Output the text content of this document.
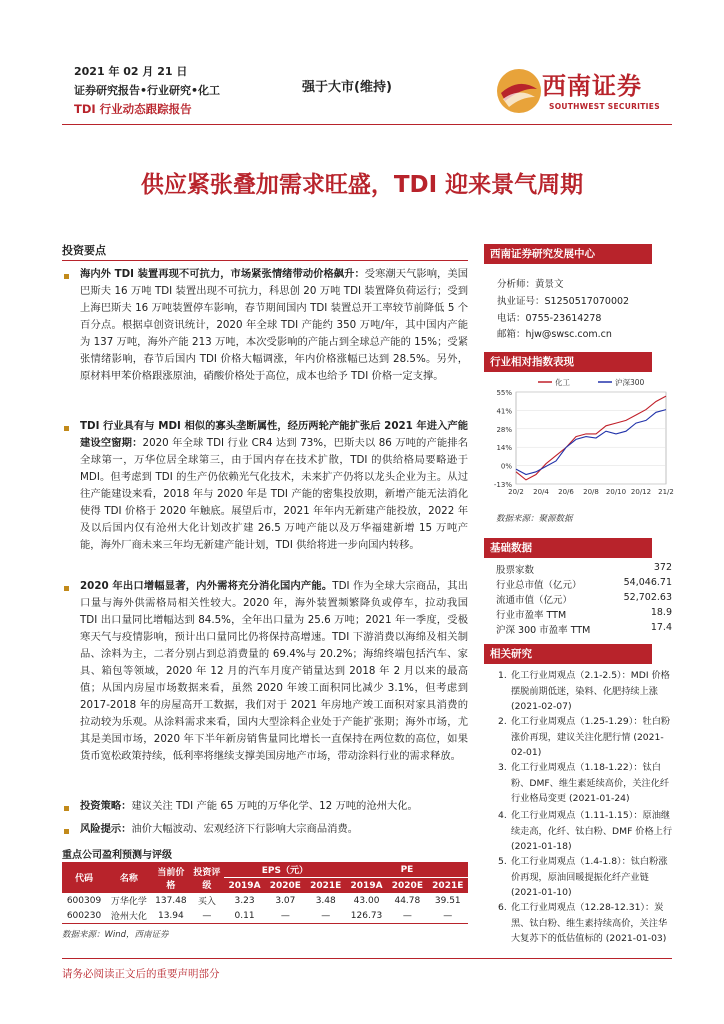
2021 年 02 月 21 日
证券研究报告•行业研究•化工
TDI 行业动态跟踪报告
强于大市(维持)	西南证券
SOUTHWEST SECURITIES
供应紧张叠加需求旺盛，TDI 迎来景气周期
投资要点
海内外 TDI 装置再现不可抗力，市场紧张情绪带动价格飙升：受寒潮天气影响，美国巴斯夫 16 万吨 TDI 装置出现不可抗力，科思创 20 万吨 TDI 装置降负荷运行；受到上海巴斯夫 16 万吨装置停车影响，春节期间国内 TDI 装置总开工率较节前降低 5 个百分点。根据卓创资讯统计，2020 年全球 TDI 产能约 350 万吨/年，其中国内产能为 137 万吨，海外产能 213 万吨，本次受影响的产能占到全球总产能的 15%；受紧张情绪影响，春节后国内 TDI 价格大幅调涨，年内价格涨幅已达到 28.5%。另外，原材料甲苯价格跟涨原油，硝酸价格处于高位，成本也给予 TDI 价格一定支撑。
TDI 行业具有与 MDI 相似的寡头垄断属性，经历两轮产能扩张后 2021 年进入产能建设空窗期：2020 年全球 TDI 行业 CR4 达到 73%，巴斯夫以 86 万吨的产能排名全球第一，万华位居全球第三，由于国内存在技术扩散，TDI 的供给格局要略逊于 MDI。但考虑到 TDI 的生产仍依赖光气化技术，未来扩产仍将以龙头企业为主。从过往产能建设来看，2018 年与 2020 年是 TDI 产能的密集投放期，新增产能无法消化使得 TDI 价格于 2020 年触底。展望后市，2021 年年内无新建产能投放，2022 年及以后国内仅有沧州大化计划改扩建 26.5 万吨产能以及万华福建新增 15 万吨产能，海外厂商未来三年均无新建产能计划，TDI 供给将进一步向国内转移。
2020 年出口增幅显著，内外需将充分消化国内产能。TDI 作为全球大宗商品，其出口量与海外供需格局相关性较大。2020 年，海外装置频繁降负或停车，拉动我国 TDI 出口量同比增幅达到 84.5%，全年出口量为 25.6 万吨；2021 年一季度，受极寒天气与疫情影响，预计出口量同比仍将保持高增速。TDI 下游消费以海绵及相关制品、涂料为主，二者分别占到总消费量的 69.4%与 20.2%；海绵终端包括汽车、家具、箱包等领域，2020 年 12 月的汽车月度产销量达到 2018 年 2 月以来的最高值；从国内房屋市场数据来看，虽然 2020 年竣工面积同比减少 3.1%，但考虑到 2017-2018 年的房屋高开工数据，我们对于 2021 年房地产竣工面积对家具消费的拉动较为乐观。从涂料需求来看，国内大型涂料企业处于产能扩张期；海外市场，尤其是美国市场，2020 年下半年新房销售量同比增长一直保持在两位数的高位，如果货币宽松政策持续，低利率将继续支撑美国房地产市场，带动涂料行业的需求释放。
投资策略：建议关注 TDI 产能 65 万吨的万华化学、12 万吨的沧州大化。
风险提示：油价大幅波动、宏观经济下行影响大宗商品消费。
重点公司盈利预测与评级
代码	名称	当前价格	投资评级	EPS（元）			PE		
				2019A	2020E	2021E	2019A	2020E	2021E
600309	万华化学	137.48	买入	3.23	3.07	3.48	43.00	44.78	39.51
600230	沧州大化	13.94	—	0.11	—	—	126.73	—	—
数据来源：Wind，西南证券
西南证券研究发展中心
分析师：黄景文
执业证号：S1250517070002
电话：0755-23614278
邮箱：hjw@swsc.com.cn
行业相对指数表现
55%
41%
28%
14%
0%
-13%
20/2 20/4 20/6 20/8 20/10 20/12 21/2
化工	沪深300
数据来源：聚源数据
基础数据
股票家数	372
行业总市值（亿元）	54,046.71
流通市值（亿元）	52,702.63
行业市盈率 TTM	18.9
沪深 300 市盈率 TTM	17.4
相关研究
1. 化工行业周观点（2.1-2.5）：MDI 价格摆脱前期低迷，染料、化肥持续上涨 (2021-02-07)
2. 化工行业周观点（1.25-1.29）：牡白粉涨价再现，建议关注化肥行情 (2021-02-01)
3. 化工行业周观点（1.18-1.22）：钛白粉、DMF、维生素延续高价，关注化纤行业格局变更 (2021-01-24)
4. 化工行业周观点（1.11-1.15）：原油继续走高，化纤、钛白粉、DMF 价格上行 (2021-01-18)
5. 化工行业周观点（1.4-1.8）：钛白粉涨价再现，原油回暖提振化纤产业链 (2021-01-10)
6. 化工行业周观点（12.28-12.31）：炭黑、钛白粉、维生素持续高价，关注华大复苏下的低估值标的 (2021-01-03)
请务必阅读正文后的重要声明部分
